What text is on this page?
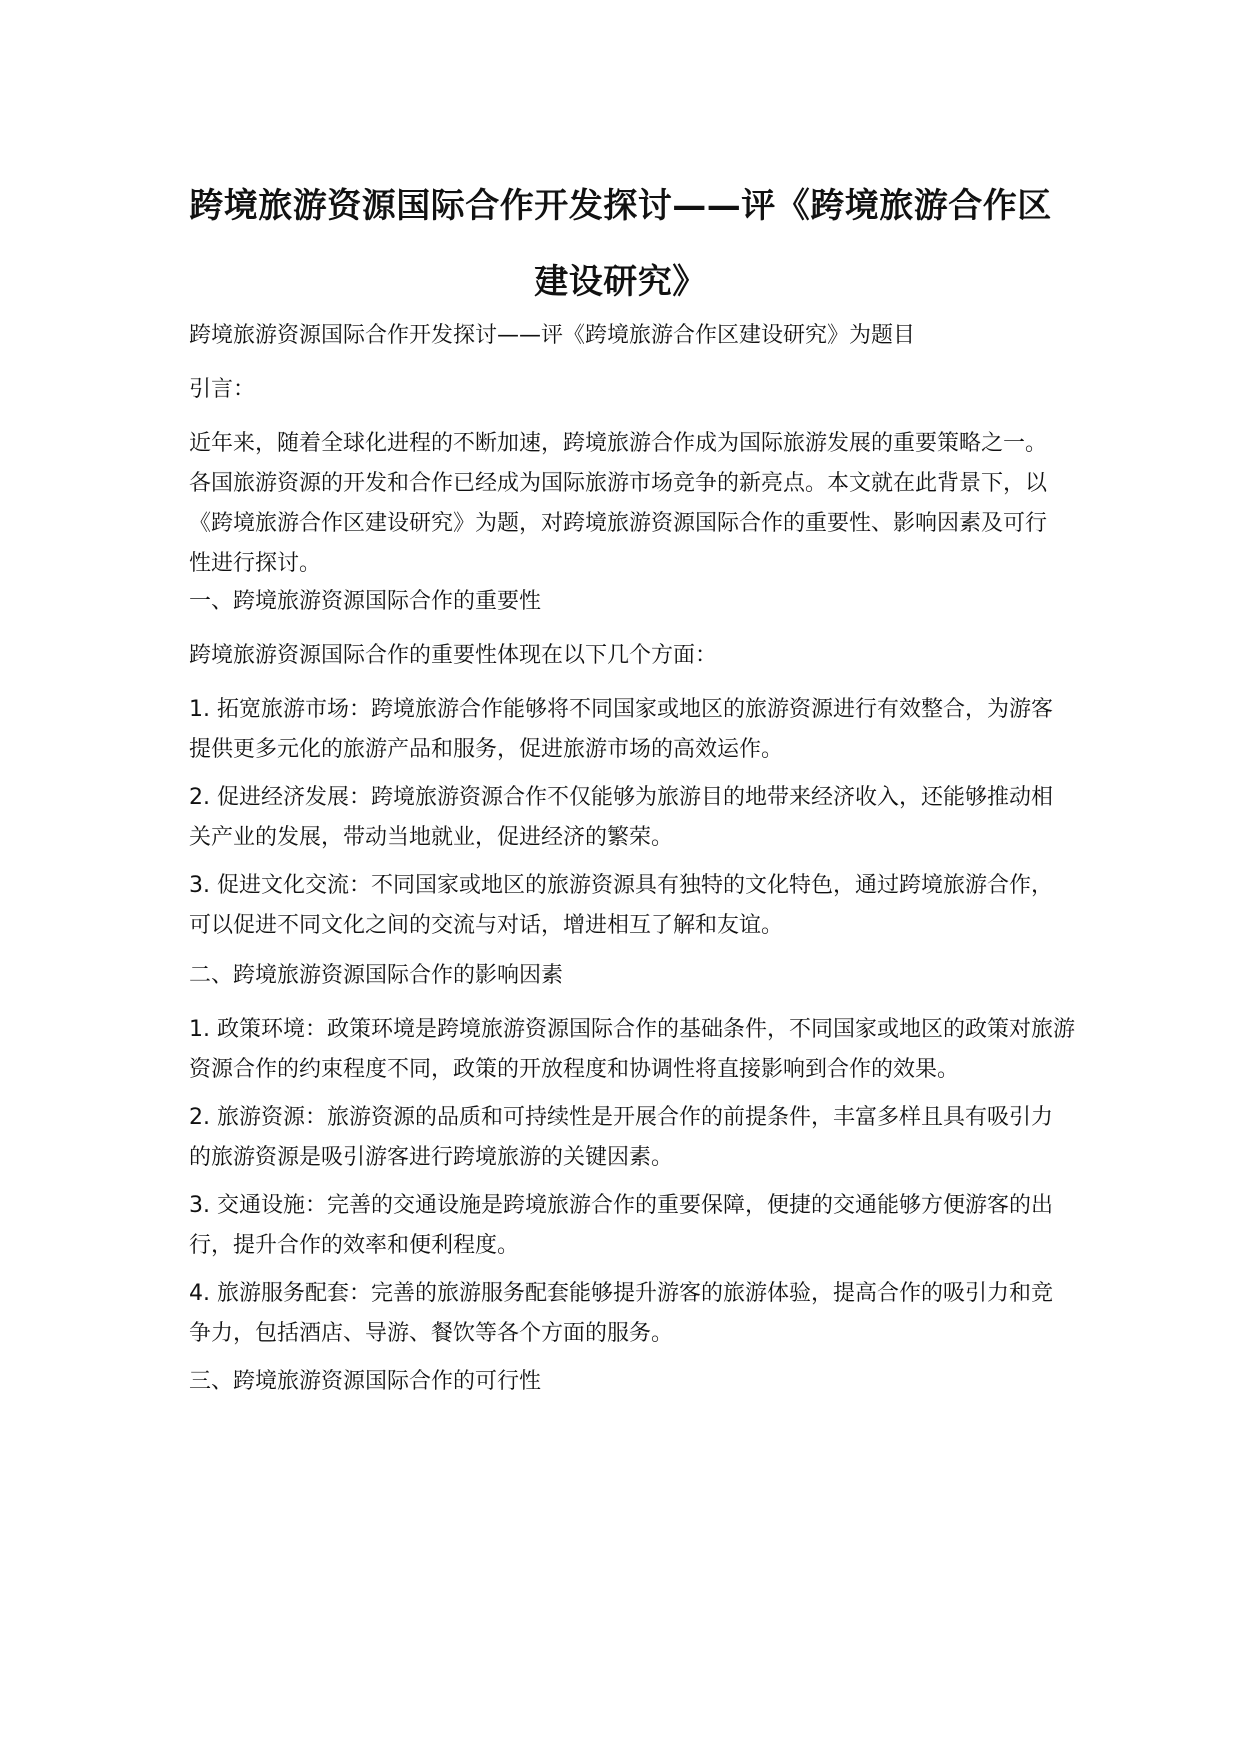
跨境旅游资源国际合作开发探讨——评《跨境旅游合作区
建设研究》

跨境旅游资源国际合作开发探讨——评《跨境旅游合作区建设研究》为题目

引言：

近年来，随着全球化进程的不断加速，跨境旅游合作成为国际旅游发展的重要策略之一。各国旅游资源的开发和合作已经成为国际旅游市场竞争的新亮点。本文就在此背景下，以《跨境旅游合作区建设研究》为题，对跨境旅游资源国际合作的重要性、影响因素及可行性进行探讨。

一、跨境旅游资源国际合作的重要性

跨境旅游资源国际合作的重要性体现在以下几个方面：

1. 拓宽旅游市场：跨境旅游合作能够将不同国家或地区的旅游资源进行有效整合，为游客提供更多元化的旅游产品和服务，促进旅游市场的高效运作。

2. 促进经济发展：跨境旅游资源合作不仅能够为旅游目的地带来经济收入，还能够推动相关产业的发展，带动当地就业，促进经济的繁荣。

3. 促进文化交流：不同国家或地区的旅游资源具有独特的文化特色，通过跨境旅游合作，可以促进不同文化之间的交流与对话，增进相互了解和友谊。

二、跨境旅游资源国际合作的影响因素

1. 政策环境：政策环境是跨境旅游资源国际合作的基础条件，不同国家或地区的政策对旅游资源合作的约束程度不同，政策的开放程度和协调性将直接影响到合作的效果。

2. 旅游资源：旅游资源的品质和可持续性是开展合作的前提条件，丰富多样且具有吸引力的旅游资源是吸引游客进行跨境旅游的关键因素。

3. 交通设施：完善的交通设施是跨境旅游合作的重要保障，便捷的交通能够方便游客的出行，提升合作的效率和便利程度。

4. 旅游服务配套：完善的旅游服务配套能够提升游客的旅游体验，提高合作的吸引力和竞争力，包括酒店、导游、餐饮等各个方面的服务。

三、跨境旅游资源国际合作的可行性
